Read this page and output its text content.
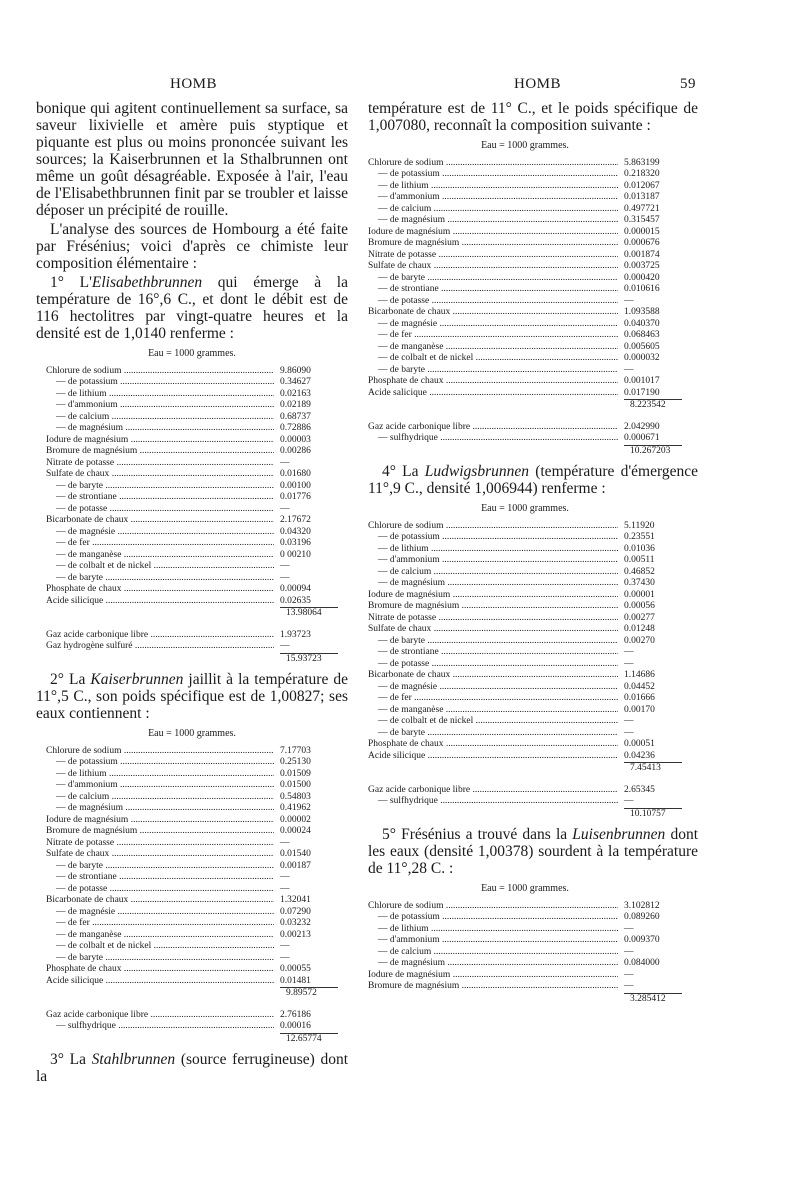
HOMB	HOMB	59

bonique qui agitent continuellement sa surface, sa saveur lixivielle et amère puis styptique et piquante est plus ou moins prononcée suivant les sources; la Kaiserbrunnen et la Sthalbrunnen ont même un goût désagréable. Exposée à l'air, l'eau de l'Elisabethbrunnen finit par se troubler et laisse déposer un précipité de rouille.

L'analyse des sources de Hombourg a été faite par Frésénius; voici d'après ce chimiste leur composition élémentaire :

1° L'Elisabethbrunnen qui émerge à la température de 16°,6 C., et dont le débit est de 116 hectolitres par vingt-quatre heures et la densité est de 1,0140 renferme :

Eau = 1000 grammes.
Chlorure de sodium .....	9.86090
— de potassium .....	0.34627
— de lithium .....	0.02163
— d'ammonium .....	0.02189
— de calcium .....	0.68737
— de magnésium .....	0.72886
Iodure de magnésium .....	0.00003
Bromure de magnésium .....	0.00286
Nitrate de potasse .....	—
Sulfate de chaux .....	0.01680
— de baryte .....	0.00100
— de strontiane .....	0.01776
— de potasse .....	—
Bicarbonate de chaux .....	2.17672
— de magnésie .....	0.04320
— de fer .....	0.03196
— de manganèse .....	0 00210
— de colbalt et de nickel .....	—
— de baryte .....	—
Phosphate de chaux .....	0.00094
Acide silicique .....	0.02635
13.98064
Gaz acide carbonique libre .....	1.93723
Gaz hydrogène sulfuré .....	—
15.93723

2° La Kaiserbrunnen jaillit à la température de 11°,5 C., son poids spécifique est de 1,00827; ses eaux contiennent :

Eau = 1000 grammes.
Chlorure de sodium .....	7.17703
— de potassium .....	0.25130
— de lithium .....	0.01509
— d'ammonium .....	0.01500
— de calcium .....	0.54803
— de magnésium .....	0.41962
Iodure de magnésium .....	0.00002
Bromure de magnésium .....	0.00024
Nitrate de potasse .....	—
Sulfate de chaux .....	0.01540
— de baryte .....	0.00187
— de strontiane .....	—
— de potasse .....	—
Bicarbonate de chaux .....	1.32041
— de magnésie .....	0.07290
— de fer .....	0.03232
— de manganèse .....	0.00213
— de colbalt et de nickel .....	—
— de baryte .....	—
Phosphate de chaux .....	0.00055
Acide silicique .....	0.01481
9.89572
Gaz acide carbonique libre .....	2.76186
— sulfhydrique .....	0.00016
12.65774

3° La Stahlbrunnen (source ferrugineuse) dont la

température est de 11° C., et le poids spécifique de 1,007080, reconnaît la composition suivante :

Eau = 1000 grammes.
Chlorure de sodium .....	5.863199
— de potassium .....	0.218320
— de lithium .....	0.012067
— d'ammonium .....	0.013187
— de calcium .....	0.497721
— de magnésium .....	0.315457
Iodure de magnésium .....	0.000015
Bromure de magnésium .....	0.000676
Nitrate de potasse .....	0.001874
Sulfate de chaux .....	0.003725
— de baryte .....	0.000420
— de strontiane .....	0.010616
— de potasse .....	—
Bicarbonate de chaux .....	1.093588
— de magnésie .....	0.040370
— de fer .....	0.068463
— de manganèse .....	0.005605
— de colbalt et de nickel .....	0.000032
— de baryte .....	—
Phosphate de chaux .....	0.001017
Acide salicique .....	0.017190
8.223542
Gaz acide carbonique libre .....	2.042990
— sulfhydrique .....	0.000671
10.267203

4° La Ludwigsbrunnen (température d'émergence 11°,9 C., densité 1,006944) renferme :

Eau = 1000 grammes.
Chlorure de sodium .....	5.11920
— de potassium .....	0.23551
— de lithium .....	0.01036
— d'ammonium .....	0.00511
— de calcium .....	0.46852
— de magnésium .....	0.37430
Iodure de magnésium .....	0.00001
Bromure de magnésium .....	0.00056
Nitrate de potasse .....	0.00277
Sulfate de chaux .....	0.01248
— de baryte .....	0.00270
— de strontiane .....	—
— de potasse .....	—
Bicarbonate de chaux .....	1.14686
— de magnésie .....	0.04452
— de fer .....	0.01666
— de manganèse .....	0.00170
— de colbalt et de nickel .....	—
— de baryte .....	—
Phosphate de chaux .....	0.00051
Acide silicique .....	0.04236
7.45413
Gaz acide carbonique libre .....	2.65345
— sulfhydrique .....	—
10.10757

5° Frésénius a trouvé dans la Luisenbrunnen dont les eaux (densité 1,00378) sourdent à la température de 11°,28 C. :

Eau = 1000 grammes.
Chlorure de sodium .....	3.102812
— de potassium .....	0.089260
— de lithium .....	—
— d'ammonium .....	0.009370
— de calcium .....	—
— de magnésium .....	0.084000
Iodure de magnésium .....	—
Bromure de magnésium .....	—
3.285412
